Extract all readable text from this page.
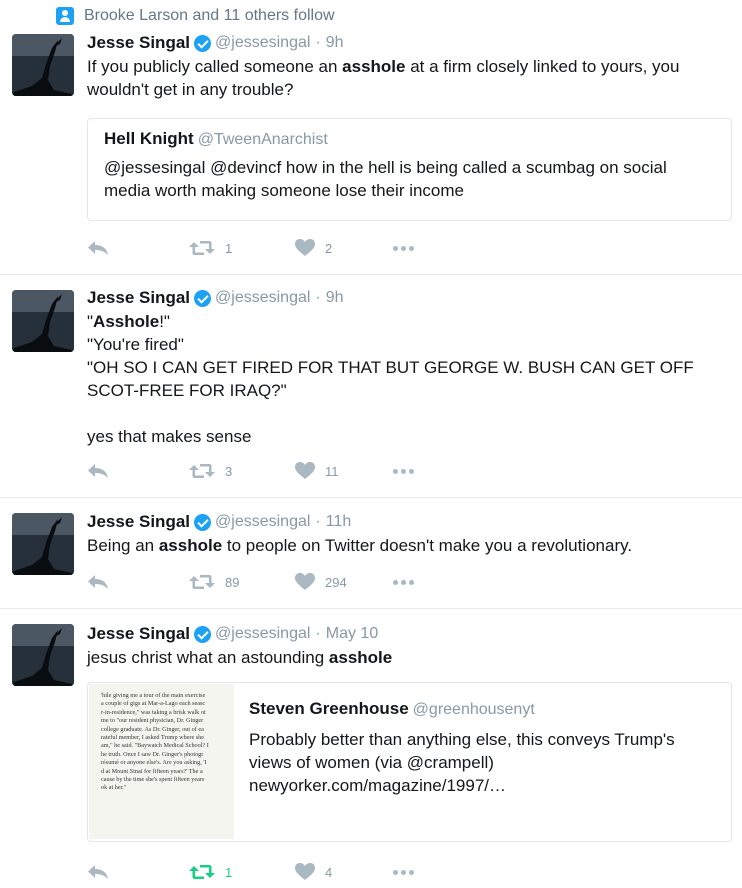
Brooke Larson and 11 others follow
Jesse Singal @jessesingal · 9h
If you publicly called someone an asshole at a firm closely linked to yours, you wouldn't get in any trouble?
Hell Knight @TweenAnarchist
@jessesingal @devincf how in the hell is being called a scumbag on social media worth making someone lose their income
1	2
Jesse Singal @jessesingal · 9h
"Asshole!"
"You're fired"
"OH SO I CAN GET FIRED FOR THAT BUT GEORGE W. BUSH CAN GET OFF SCOT-FREE FOR IRAQ?"
yes that makes sense
3	11
Jesse Singal @jessesingal · 11h
Being an asshole to people on Twitter doesn't make you a revolutionary.
89	294
Jesse Singal @jessesingal · May 10
jesus christ what an astounding asshole
'hile giving me a tour of the main exercise
a couple of gigs at Mar-a-Lago each seasc
r-in-residence," was taking a brisk walk ot
me to "our resident physician, Dr. Ginger
college graduate. As Dr. Ginger, out of ea
rateful member, I asked Trump where she
am," he said. "Baywatch Medical School? I
he truth. Once I saw Dr. Ginger's photogr
résumé or anyone else's. Are you asking, 'I
d at Mount Sinai for fifteen years?' The a
cause by the time she's spent fifteen years
ok at her."
Steven Greenhouse @greenhousenyt
Probably better than anything else, this conveys Trump's views of women (via @crampell) newyorker.com/magazine/1997/…
1	4
